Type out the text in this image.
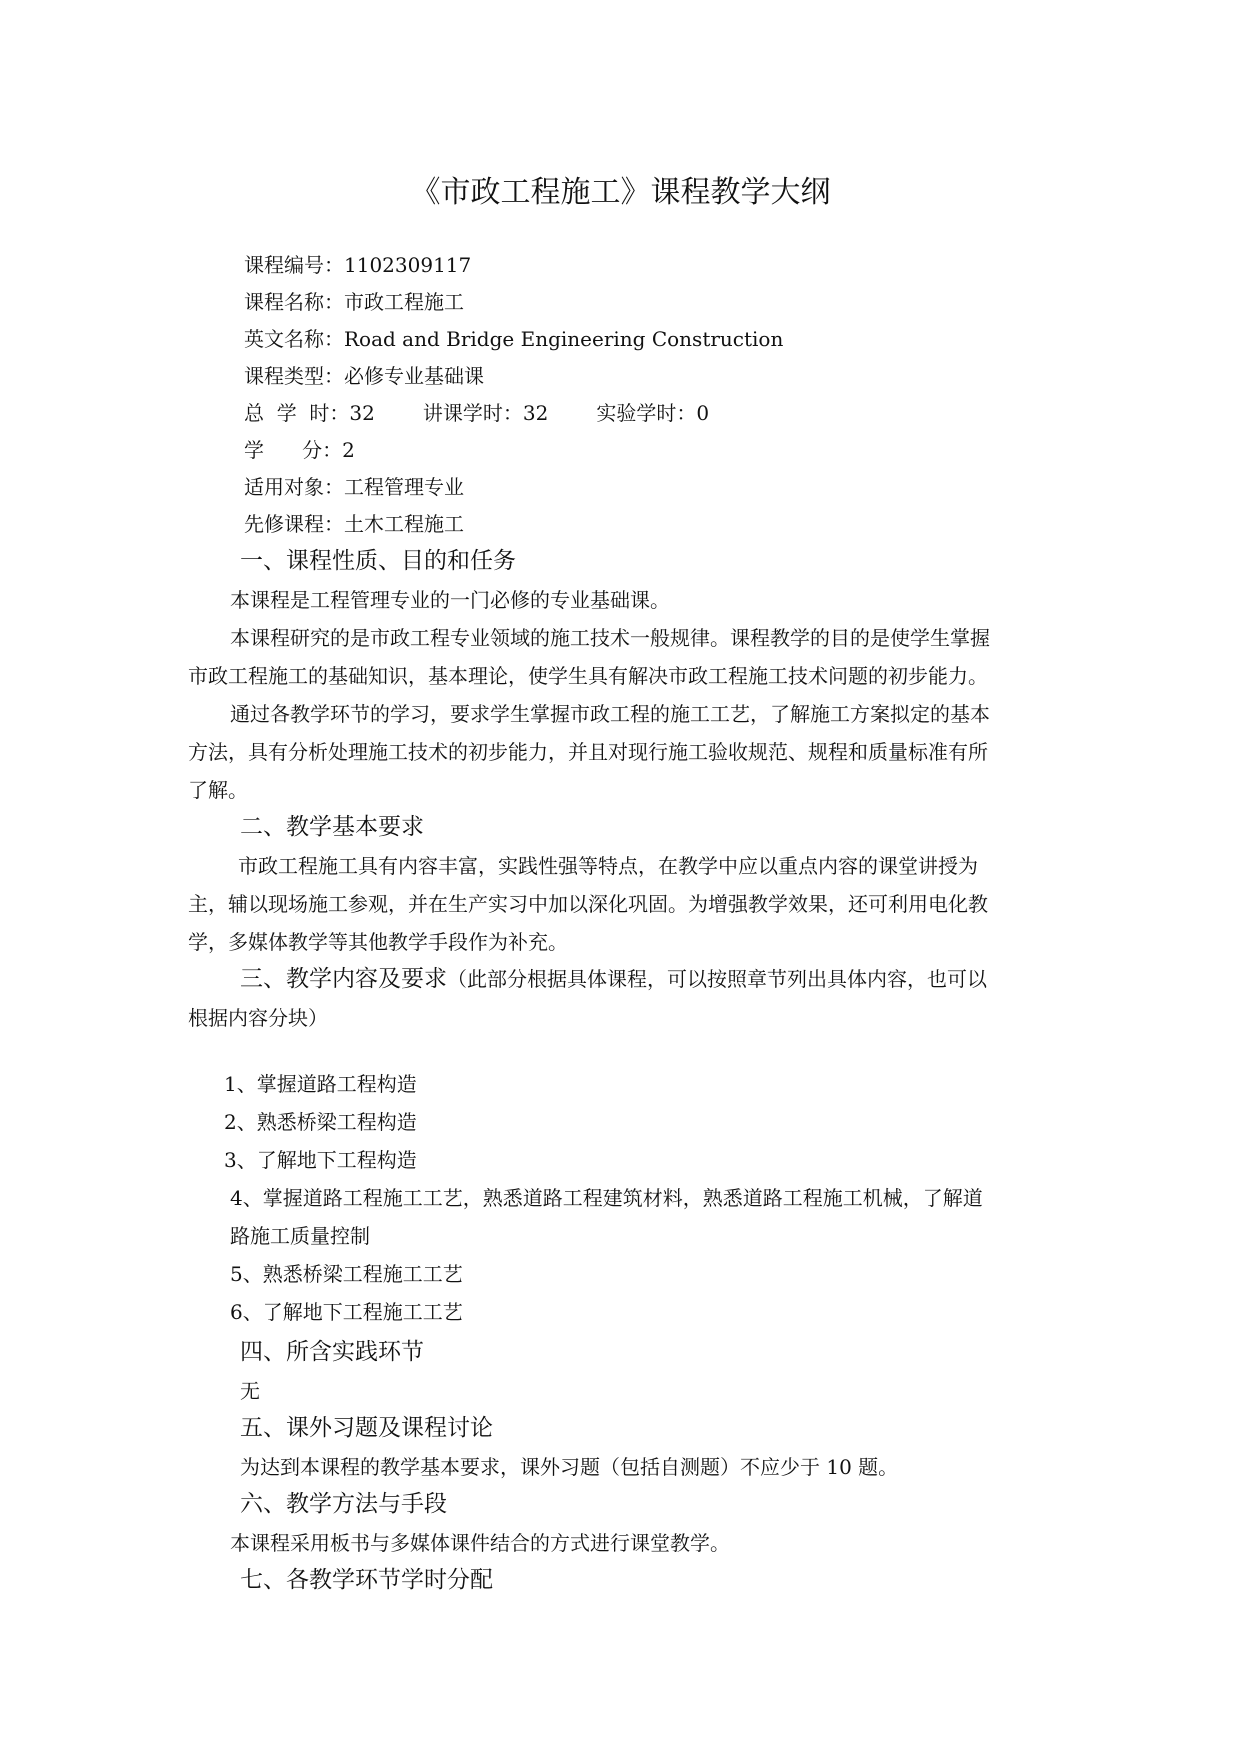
《市政工程施工》课程教学大纲
课程编号：1102309117
课程名称：市政工程施工
英文名称：Road and Bridge Engineering Construction
课程类型：必修专业基础课
总  学  时：32 讲课学时：32 实验学时：0
学      分：2
适用对象：工程管理专业
先修课程：土木工程施工
一、课程性质、目的和任务
本课程是工程管理专业的一门必修的专业基础课。
本课程研究的是市政工程专业领域的施工技术一般规律。课程教学的目的是使学生掌握
市政工程施工的基础知识，基本理论，使学生具有解决市政工程施工技术问题的初步能力。
通过各教学环节的学习，要求学生掌握市政工程的施工工艺，了解施工方案拟定的基本
方法，具有分析处理施工技术的初步能力，并且对现行施工验收规范、规程和质量标准有所
了解。
二、教学基本要求
市政工程施工具有内容丰富，实践性强等特点，在教学中应以重点内容的课堂讲授为
主，辅以现场施工参观，并在生产实习中加以深化巩固。为增强教学效果，还可利用电化教
学，多媒体教学等其他教学手段作为补充。
三、教学内容及要求（此部分根据具体课程，可以按照章节列出具体内容，也可以
根据内容分块）
1、掌握道路工程构造
2、熟悉桥梁工程构造
3、了解地下工程构造
4、掌握道路工程施工工艺，熟悉道路工程建筑材料，熟悉道路工程施工机械，了解道
路施工质量控制
5、熟悉桥梁工程施工工艺
6、了解地下工程施工工艺
四、所含实践环节
无
五、课外习题及课程讨论
为达到本课程的教学基本要求，课外习题（包括自测题）不应少于 10 题。
六、教学方法与手段
本课程采用板书与多媒体课件结合的方式进行课堂教学。
七、各教学环节学时分配
